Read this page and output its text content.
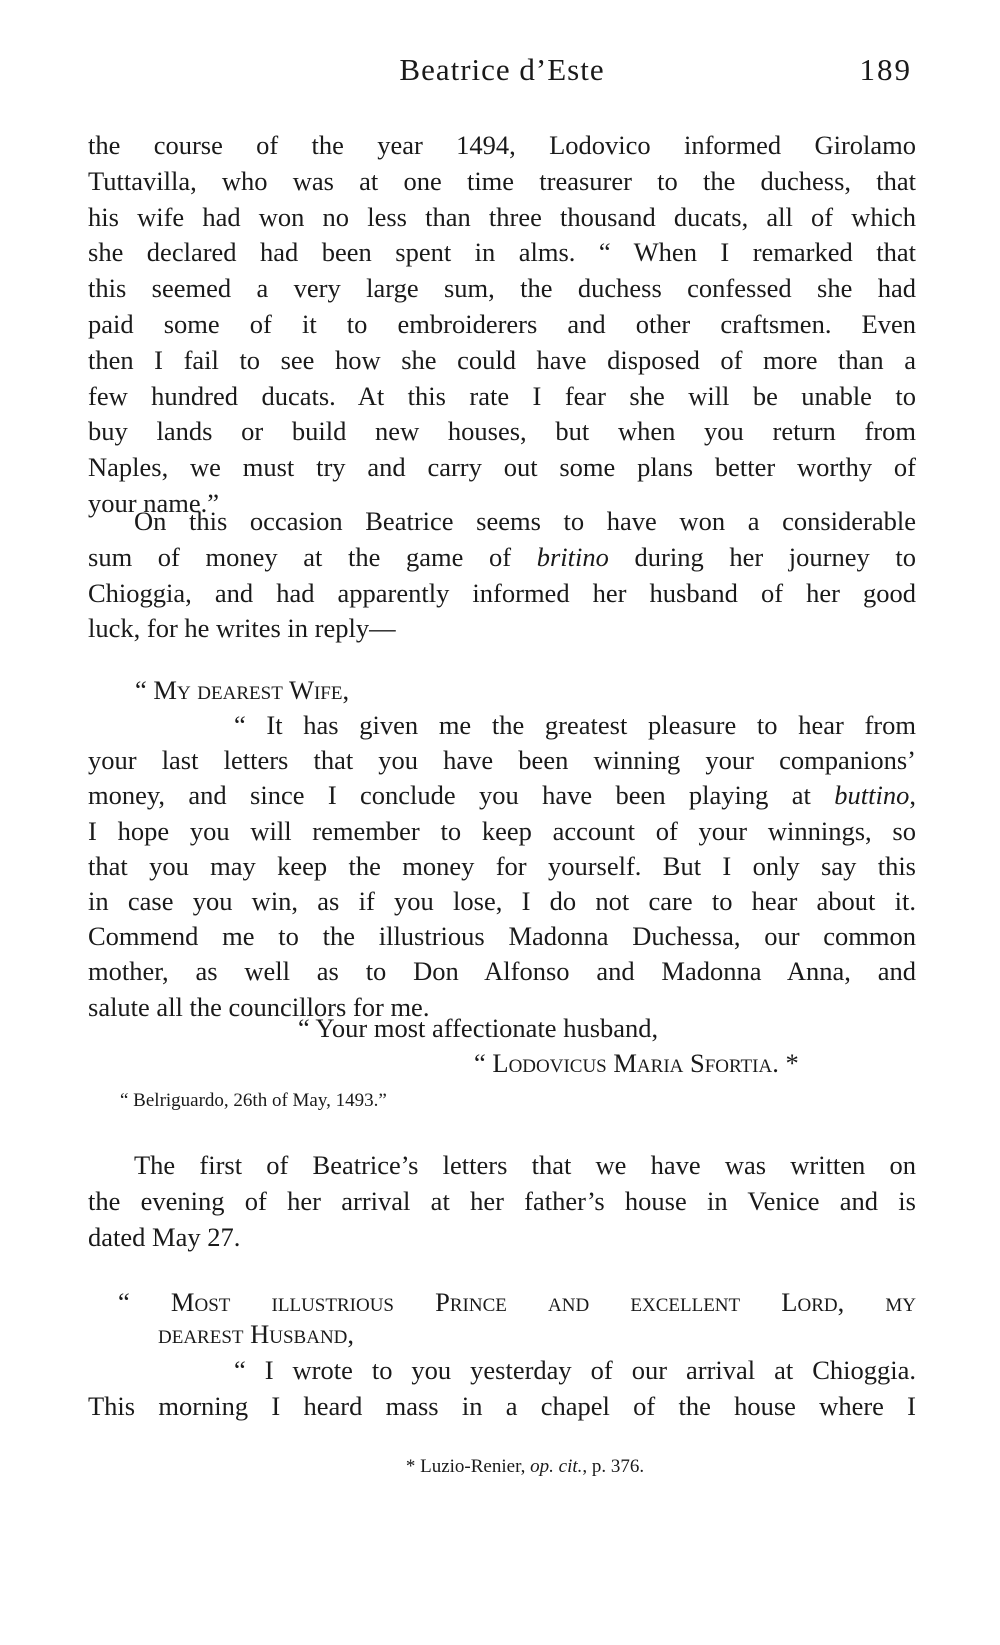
Beatrice d’Este	189
the course of the year 1494, Lodovico informed Girolamo
Tuttavilla, who was at one time treasurer to the duchess, that
his wife had won no less than three thousand ducats, all of which
she declared had been spent in alms. “ When I remarked that
this seemed a very large sum, the duchess confessed she had
paid some of it to embroiderers and other craftsmen. Even
then I fail to see how she could have disposed of more than a
few hundred ducats. At this rate I fear she will be unable to
buy lands or build new houses, but when you return from
Naples, we must try and carry out some plans better worthy of
your name.”
On this occasion Beatrice seems to have won a considerable
sum of money at the game of britino during her journey to
Chioggia, and had apparently informed her husband of her good
luck, for he writes in reply—
“ My dearest Wife,
“ It has given me the greatest pleasure to hear from
your last letters that you have been winning your companions’
money, and since I conclude you have been playing at buttino,
I hope you will remember to keep account of your winnings, so
that you may keep the money for yourself. But I only say this
in case you win, as if you lose, I do not care to hear about it.
Commend me to the illustrious Madonna Duchessa, our common
mother, as well as to Don Alfonso and Madonna Anna, and
salute all the councillors for me.
“ Your most affectionate husband,
“ Lodovicus Maria Sfortia. *
“ Belriguardo, 26th of May, 1493.”
The first of Beatrice’s letters that we have was written on
the evening of her arrival at her father’s house in Venice and is
dated May 27.
“ Most illustrious Prince and excellent Lord, my
dearest Husband,
“ I wrote to you yesterday of our arrival at Chioggia.
This morning I heard mass in a chapel of the house where I
* Luzio-Renier, op. cit., p. 376.
